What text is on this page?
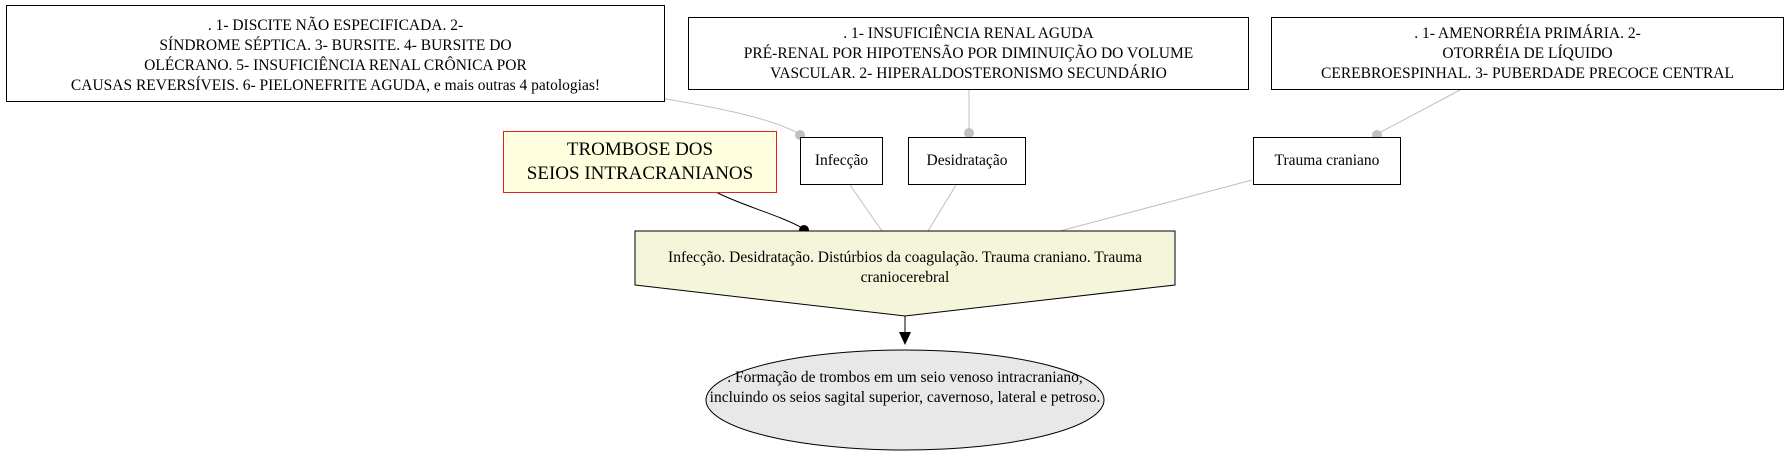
. 1- DISCITE NÃO ESPECIFICADA. 2-
SÍNDROME SÉPTICA. 3- BURSITE. 4- BURSITE DO
OLÉCRANO. 5- INSUFICIÊNCIA RENAL CRÔNICA POR
CAUSAS REVERSÍVEIS. 6- PIELONEFRITE AGUDA, e mais outras 4 patologias!
. 1- INSUFICIÊNCIA RENAL AGUDA
PRÉ-RENAL POR HIPOTENSÃO POR DIMINUIÇÃO DO VOLUME
VASCULAR. 2- HIPERALDOSTERONISMO SECUNDÁRIO
. 1- AMENORRÉIA PRIMÁRIA. 2-
OTORRÉIA DE LÍQUIDO
CEREBROESPINHAL. 3- PUBERDADE PRECOCE CENTRAL
TROMBOSE DOS
SEIOS INTRACRANIANOS
Infecção	Desidratação	Trauma craniano
Infecção. Desidratação. Distúrbios da coagulação. Trauma craniano. Trauma craniocerebral
. Formação de trombos em um seio venoso intracraniano, incluindo os seios sagital superior, cavernoso, lateral e petroso.
